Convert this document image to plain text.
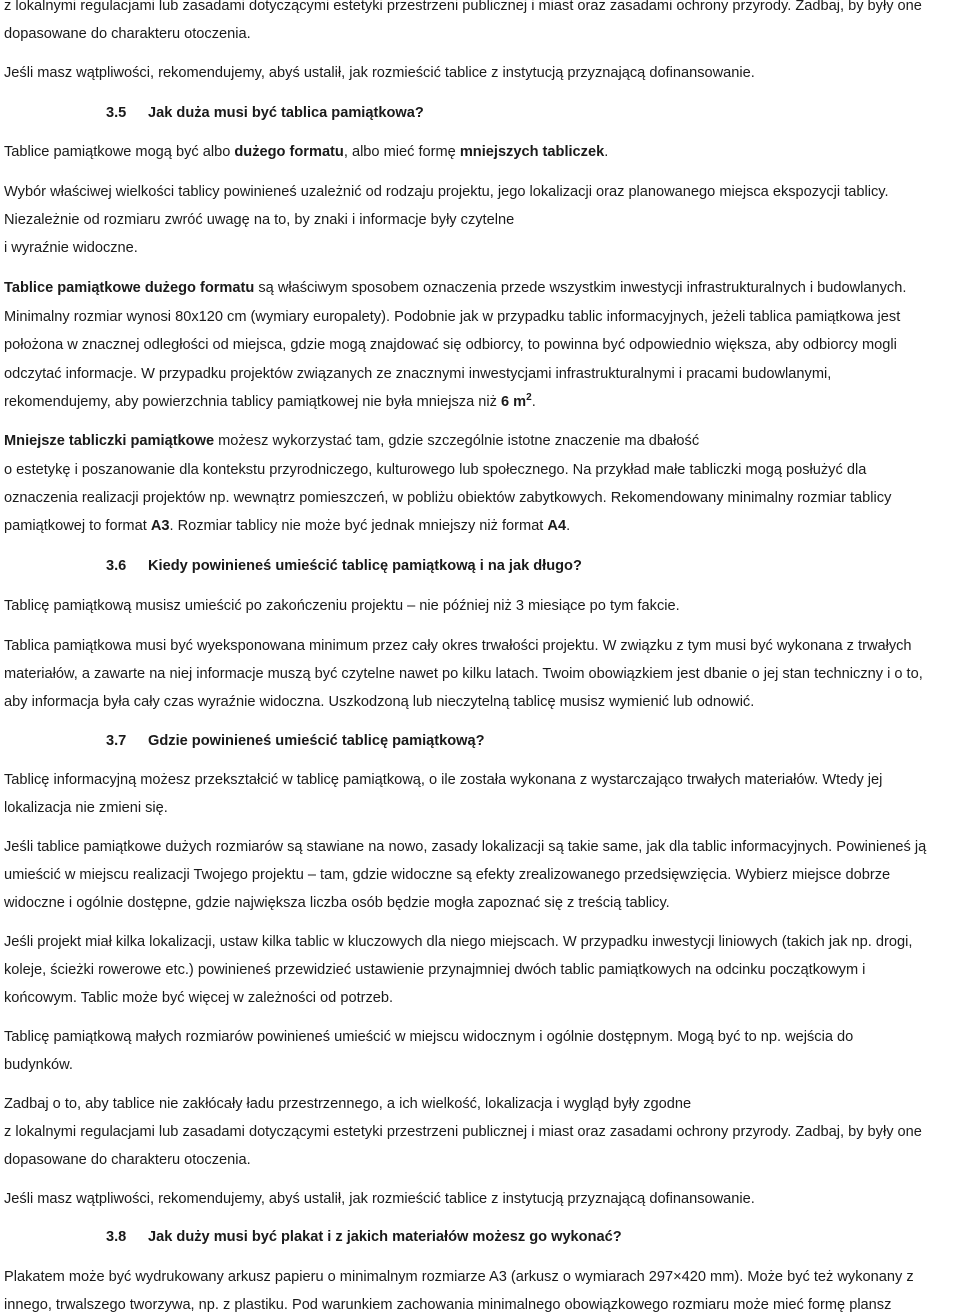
z lokalnymi regulacjami lub zasadami dotyczącymi estetyki przestrzeni publicznej i miast oraz zasadami ochrony przyrody. Zadbaj, by były one

dopasowane do charakteru otoczenia.

Jeśli masz wątpliwości, rekomendujemy, abyś ustalił, jak rozmieścić tablice z instytucją przyznającą dofinansowanie.

3.5 Jak duża musi być tablica pamiątkowa?

Tablice pamiątkowe mogą być albo dużego formatu, albo mieć formę mniejszych tabliczek.

Wybór właściwej wielkości tablicy powinieneś uzależnić od rodzaju projektu, jego lokalizacji oraz planowanego miejsca ekspozycji tablicy.

Niezależnie od rozmiaru zwróć uwagę na to, by znaki i informacje były czytelne

i wyraźnie widoczne.

Tablice pamiątkowe dużego formatu są właściwym sposobem oznaczenia przede wszystkim inwestycji infrastrukturalnych i budowlanych.

Minimalny rozmiar wynosi 80x120 cm (wymiary europalety). Podobnie jak w przypadku tablic informacyjnych, jeżeli tablica pamiątkowa jest

położona w znacznej odległości od miejsca, gdzie mogą znajdować się odbiorcy, to powinna być odpowiednio większa, aby odbiorcy mogli

odczytać informacje. W przypadku projektów związanych ze znacznymi inwestycjami infrastrukturalnymi i pracami budowlanymi,

rekomendujemy, aby powierzchnia tablicy pamiątkowej nie była mniejsza niż 6 $m^2$.

Mniejsze tabliczki pamiątkowe możesz wykorzystać tam, gdzie szczególnie istotne znaczenie ma dbałość

o estetykę i poszanowanie dla kontekstu przyrodniczego, kulturowego lub społecznego. Na przykład małe tabliczki mogą posłużyć dla

oznaczenia realizacji projektów np. wewnątrz pomieszczeń, w pobliżu obiektów zabytkowych. Rekomendowany minimalny rozmiar tablicy

pamiątkowej to format A3. Rozmiar tablicy nie może być jednak mniejszy niż format A4.

3.6 Kiedy powinieneś umieścić tablicę pamiątkową i na jak długo?

Tablicę pamiątkową musisz umieścić po zakończeniu projektu – nie później niż 3 miesiące po tym fakcie.

Tablica pamiątkowa musi być wyeksponowana minimum przez cały okres trwałości projektu. W związku z tym musi być wykonana z trwałych

materiałów, a zawarte na niej informacje muszą być czytelne nawet po kilku latach. Twoim obowiązkiem jest dbanie o jej stan techniczny i o to,

aby informacja była cały czas wyraźnie widoczna. Uszkodzoną lub nieczytelną tablicę musisz wymienić lub odnowić.

3.7 Gdzie powinieneś umieścić tablicę pamiątkową?

Tablicę informacyjną możesz przekształcić w tablicę pamiątkową, o ile została wykonana z wystarczająco trwałych materiałów. Wtedy jej

lokalizacja nie zmieni się.

Jeśli tablice pamiątkowe dużych rozmiarów są stawiane na nowo, zasady lokalizacji są takie same, jak dla tablic informacyjnych. Powinieneś ją

umieścić w miejscu realizacji Twojego projektu – tam, gdzie widoczne są efekty zrealizowanego przedsięwzięcia. Wybierz miejsce dobrze

widoczne i ogólnie dostępne, gdzie największa liczba osób będzie mogła zapoznać się z treścią tablicy.

Jeśli projekt miał kilka lokalizacji, ustaw kilka tablic w kluczowych dla niego miejscach. W przypadku inwestycji liniowych (takich jak np. drogi,

koleje, ścieżki rowerowe etc.) powinieneś przewidzieć ustawienie przynajmniej dwóch tablic pamiątkowych na odcinku początkowym i

końcowym. Tablic może być więcej w zależności od potrzeb.

Tablicę pamiątkową małych rozmiarów powinieneś umieścić w miejscu widocznym i ogólnie dostępnym. Mogą być to np. wejścia do

budynków.

Zadbaj o to, aby tablice nie zakłócały ładu przestrzennego, a ich wielkość, lokalizacja i wygląd były zgodne

z lokalnymi regulacjami lub zasadami dotyczącymi estetyki przestrzeni publicznej i miast oraz zasadami ochrony przyrody. Zadbaj, by były one

dopasowane do charakteru otoczenia.

Jeśli masz wątpliwości, rekomendujemy, abyś ustalił, jak rozmieścić tablice z instytucją przyznającą dofinansowanie.

3.8 Jak duży musi być plakat i z jakich materiałów możesz go wykonać?

Plakatem może być wydrukowany arkusz papieru o minimalnym rozmiarze A3 (arkusz o wymiarach 297×420 mm). Może być też wykonany z

innego, trwalszego tworzywa, np. z plastiku. Pod warunkiem zachowania minimalnego obowiązkowego rozmiaru może mieć formę plansz
